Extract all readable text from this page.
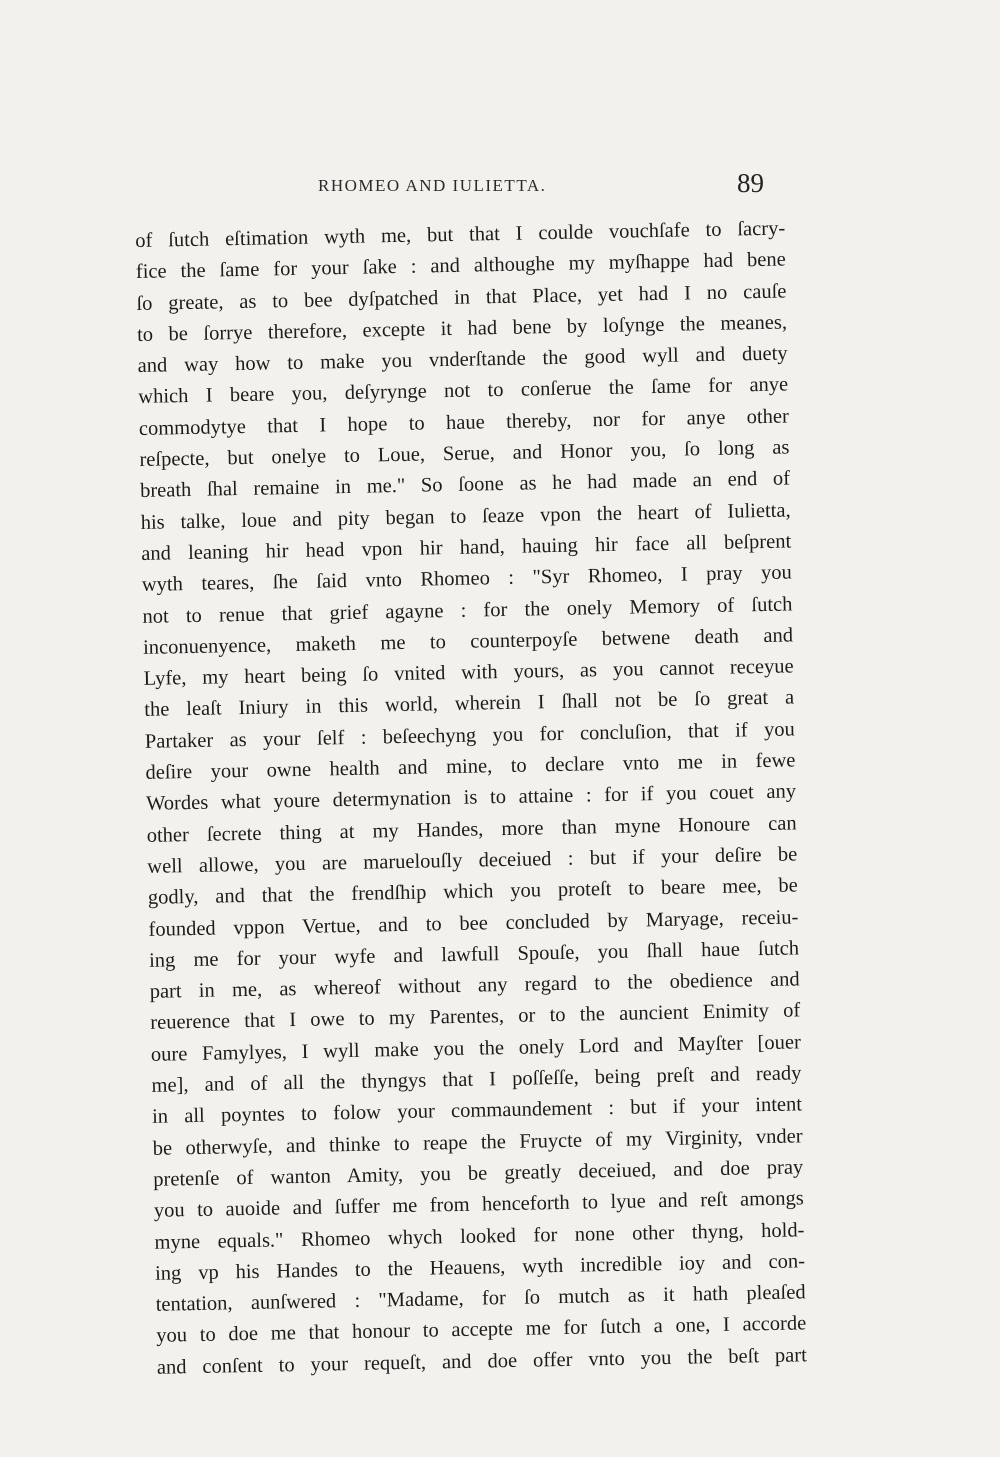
RHOMEO AND IULIETTA.	89
of ſutch eſtimation wyth me, but that I coulde vouchſafe to ſacry-
fice the ſame for your ſake : and althoughe my myſhappe had bene
ſo greate, as to bee dyſpatched in that Place, yet had I no cauſe
to be ſorrye therefore, excepte it had bene by loſynge the meanes,
and way how to make you vnderſtande the good wyll and duety
which I beare you, deſyrynge not to conſerue the ſame for anye
commodytye that I hope to haue thereby, nor for anye other
reſpecte, but onelye to Loue, Serue, and Honor you, ſo long as
breath ſhal remaine in me." So ſoone as he had made an end of
his talke, loue and pity began to ſeaze vpon the heart of Iulietta,
and leaning hir head vpon hir hand, hauing hir face all beſprent
wyth teares, ſhe ſaid vnto Rhomeo : "Syr Rhomeo, I pray you
not to renue that grief agayne : for the onely Memory of ſutch
inconuenyence, maketh me to counterpoyſe betwene death and
Lyfe, my heart being ſo vnited with yours, as you cannot receyue
the leaſt Iniury in this world, wherein I ſhall not be ſo great a
Partaker as your ſelf : beſeechyng you for concluſion, that if you
deſire your owne health and mine, to declare vnto me in fewe
Wordes what youre determynation is to attaine : for if you couet any
other ſecrete thing at my Handes, more than myne Honoure can
well allowe, you are maruelouſly deceiued : but if your deſire be
godly, and that the frendſhip which you proteſt to beare mee, be
founded vppon Vertue, and to bee concluded by Maryage, receiu-
ing me for your wyfe and lawfull Spouſe, you ſhall haue ſutch
part in me, as whereof without any regard to the obedience and
reuerence that I owe to my Parentes, or to the auncient Enimity of
oure Famylyes, I wyll make you the onely Lord and Mayſter [ouer
me], and of all the thyngys that I poſſeſſe, being preſt and ready
in all poyntes to folow your commaundement : but if your intent
be otherwyſe, and thinke to reape the Fruycte of my Virginity, vnder
pretenſe of wanton Amity, you be greatly deceiued, and doe pray
you to auoide and ſuffer me from henceforth to lyue and reſt amongs
myne equals." Rhomeo whych looked for none other thyng, hold-
ing vp his Handes to the Heauens, wyth incredible ioy and con-
tentation, aunſwered : "Madame, for ſo mutch as it hath pleaſed
you to doe me that honour to accepte me for ſutch a one, I accorde
and conſent to your requeſt, and doe offer vnto you the beſt part
